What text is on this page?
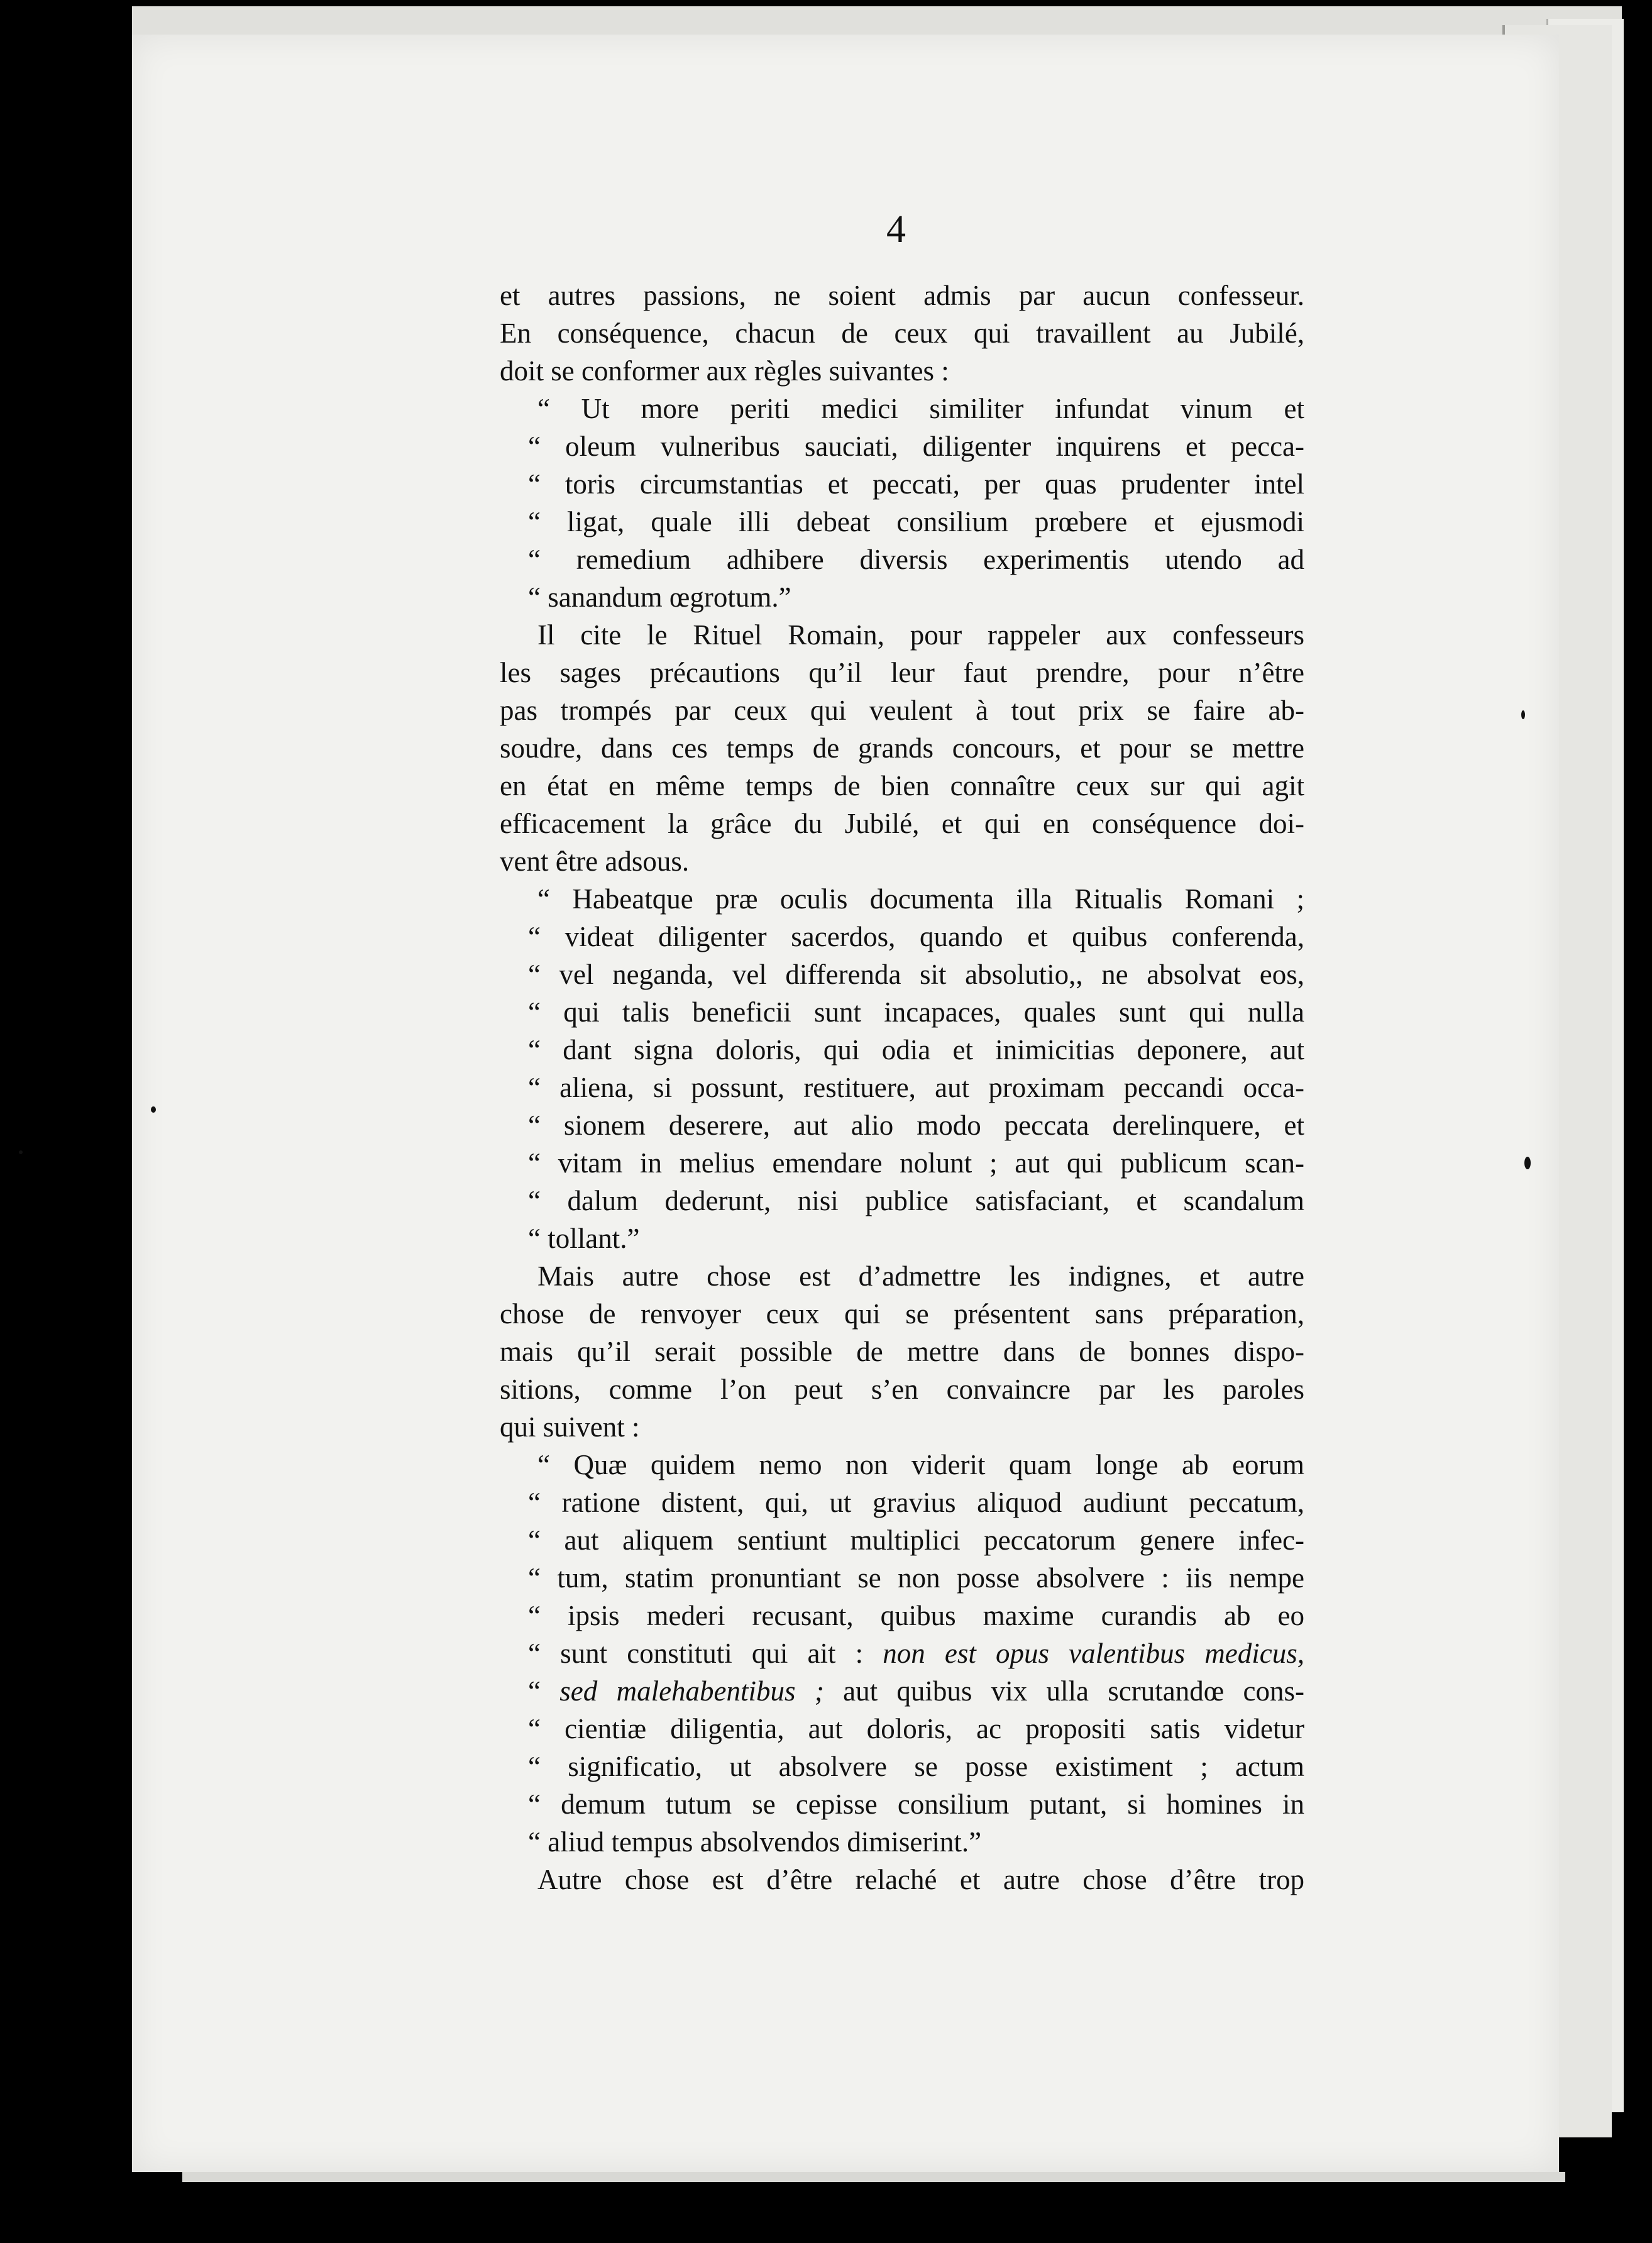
4
et autres passions, ne soient admis par aucun confesseur.
En conséquence, chacun de ceux qui travaillent au Jubilé,
doit se conformer aux règles suivantes :
“ Ut more periti medici similiter infundat vinum et
“ oleum vulneribus sauciati, diligenter inquirens et pecca-
“ toris circumstantias et peccati, per quas prudenter intel
“ ligat, quale illi debeat consilium prœbere et ejusmodi
“ remedium adhibere diversis experimentis utendo ad
“ sanandum œgrotum.”
Il cite le Rituel Romain, pour rappeler aux confesseurs
les sages précautions qu’il leur faut prendre, pour n’être
pas trompés par ceux qui veulent à tout prix se faire ab-
soudre, dans ces temps de grands concours, et pour se mettre
en état en même temps de bien connaître ceux sur qui agit
efficacement la grâce du Jubilé, et qui en conséquence doi-
vent être adsous.
“ Habeatque præ oculis documenta illa Ritualis Romani ;
“ videat diligenter sacerdos, quando et quibus conferenda,
“ vel neganda, vel differenda sit absolutio,, ne absolvat eos,
“ qui talis beneficii sunt incapaces, quales sunt qui nulla
“ dant signa doloris, qui odia et inimicitias deponere, aut
“ aliena, si possunt, restituere, aut proximam peccandi occa-
“ sionem deserere, aut alio modo peccata derelinquere, et
“ vitam in melius emendare nolunt ; aut qui publicum scan-
“ dalum dederunt, nisi publice satisfaciant, et scandalum
“ tollant.”
Mais autre chose est d’admettre les indignes, et autre
chose de renvoyer ceux qui se présentent sans préparation,
mais qu’il serait possible de mettre dans de bonnes dispo-
sitions, comme l’on peut s’en convaincre par les paroles
qui suivent :
“ Quæ quidem nemo non viderit quam longe ab eorum
“ ratione distent, qui, ut gravius aliquod audiunt peccatum,
“ aut aliquem sentiunt multiplici peccatorum genere infec-
“ tum, statim pronuntiant se non posse absolvere : iis nempe
“ ipsis mederi recusant, quibus maxime curandis ab eo
“ sunt constituti qui ait : non est opus valentibus medicus,
“ sed malehabentibus ; aut quibus vix ulla scrutandœ cons-
“ cientiæ diligentia, aut doloris, ac propositi satis videtur
“ significatio, ut absolvere se posse existiment ; actum
“ demum tutum se cepisse consilium putant, si homines in
“ aliud tempus absolvendos dimiserint.”
Autre chose est d’être relaché et autre chose d’être trop
